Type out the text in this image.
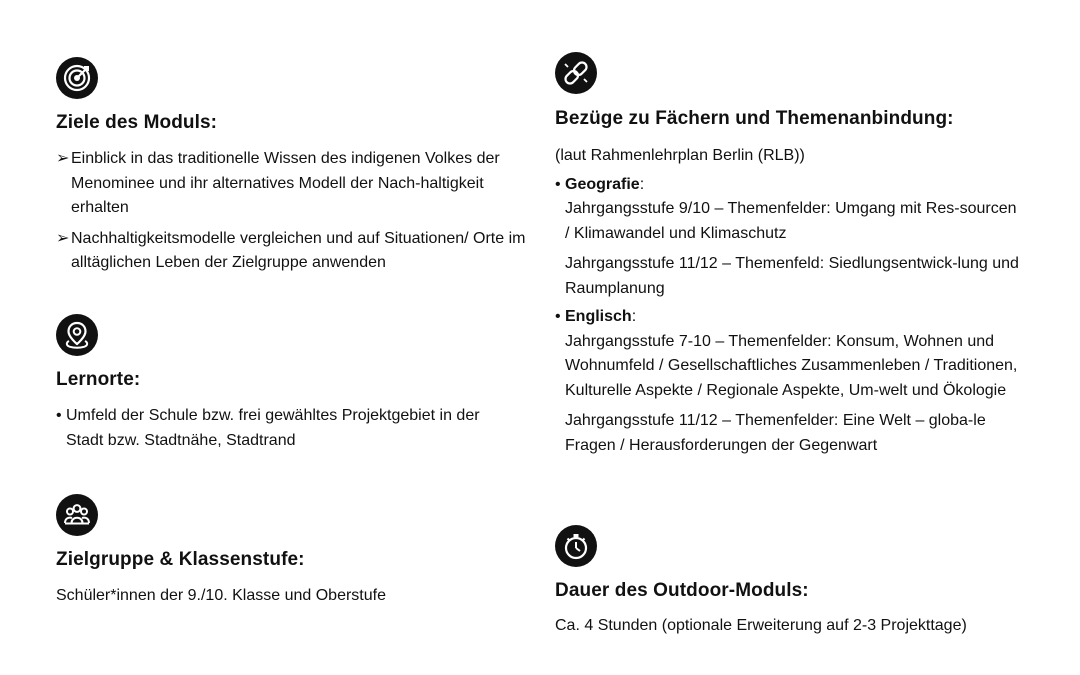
Ziele des Moduls:
➢ Einblick in das traditionelle Wissen des indigenen Volkes der Menominee und ihr alternatives Modell der Nach-haltigkeit erhalten
➢ Nachhaltigkeitsmodelle vergleichen und auf Situationen/ Orte im alltäglichen Leben der Zielgruppe anwenden
Lernorte:
• Umfeld der Schule bzw. frei gewähltes Projektgebiet in der Stadt bzw. Stadtnähe, Stadtrand
Zielgruppe & Klassenstufe:
Schüler*innen der 9./10. Klasse und Oberstufe
Bezüge zu Fächern und Themenanbindung:

(laut Rahmenlehrplan Berlin (RLB))

• Geografie:

Jahrgangsstufe 9/10 – Themenfelder: Umgang mit Res-sourcen / Klimawandel und Klimaschutz

Jahrgangsstufe 11/12 – Themenfeld: Siedlungsentwick-lung und Raumplanung

• Englisch:

Jahrgangsstufe 7-10 – Themenfelder: Konsum, Wohnen und Wohnumfeld / Gesellschaftliches Zusammenleben / Traditionen, Kulturelle Aspekte / Regionale Aspekte, Um-welt und Ökologie

Jahrgangsstufe 11/12 – Themenfelder: Eine Welt – globa-le Fragen / Herausforderungen der Gegenwart

Dauer des Outdoor-Moduls:
Ca. 4 Stunden (optionale Erweiterung auf 2-3 Projekttage)
